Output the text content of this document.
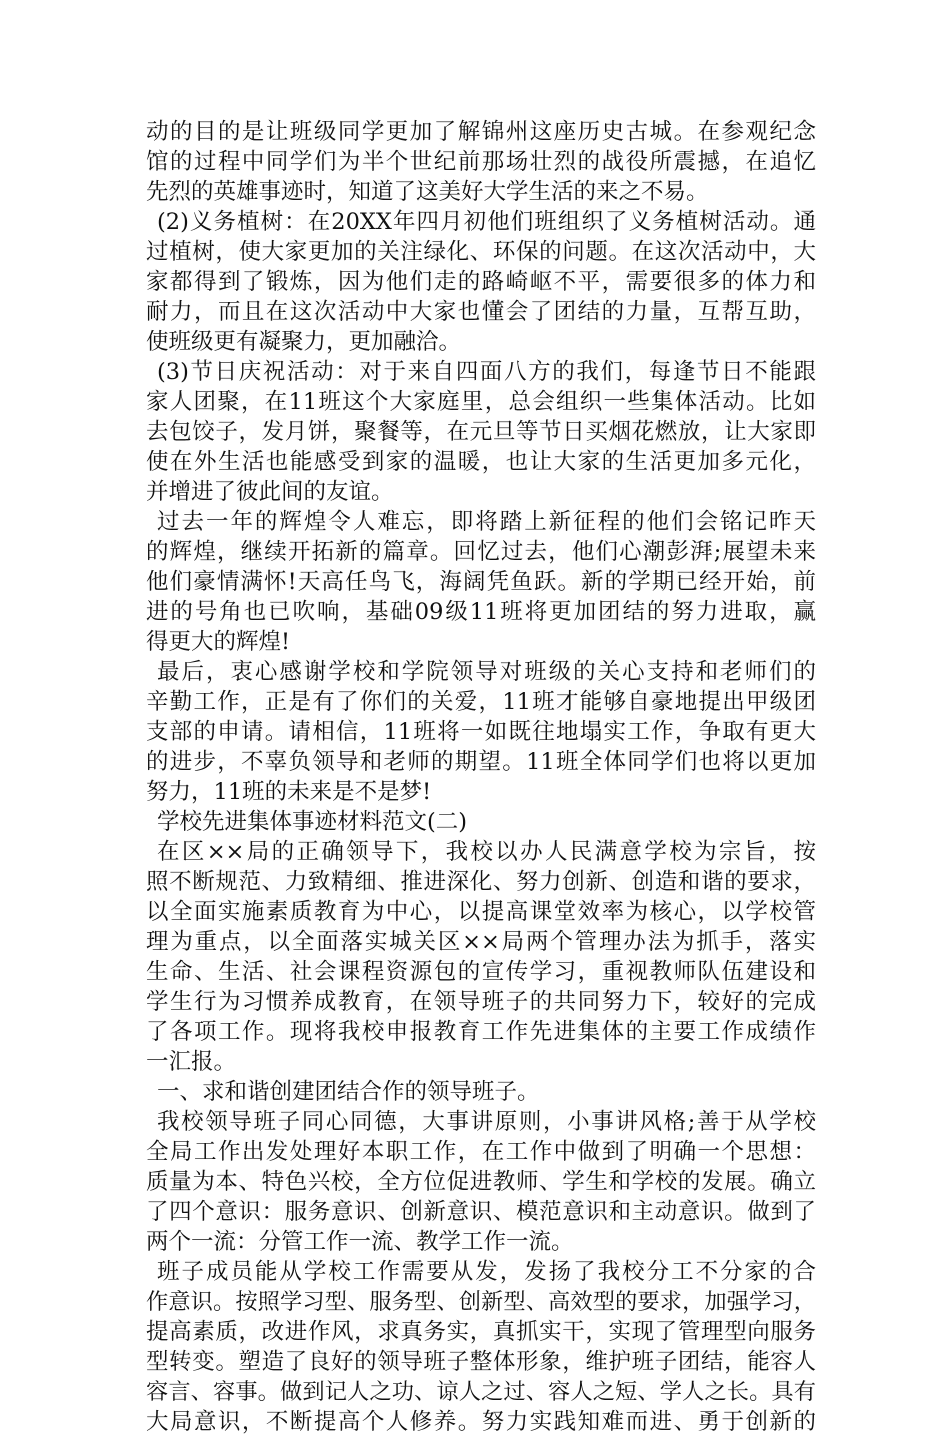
动的目的是让班级同学更加了解锦州这座历史古城。在参观纪念
馆的过程中同学们为半个世纪前那场壮烈的战役所震撼，在追忆
先烈的英雄事迹时，知道了这美好大学生活的来之不易。
(2)义务植树：在20XX年四月初他们班组织了义务植树活动。通
过植树，使大家更加的关注绿化、环保的问题。在这次活动中，大
家都得到了锻炼，因为他们走的路崎岖不平，需要很多的体力和
耐力，而且在这次活动中大家也懂会了团结的力量，互帮互助，
使班级更有凝聚力，更加融洽。
(3)节日庆祝活动：对于来自四面八方的我们，每逢节日不能跟
家人团聚，在11班这个大家庭里，总会组织一些集体活动。比如
去包饺子，发月饼，聚餐等，在元旦等节日买烟花燃放，让大家即
使在外生活也能感受到家的温暖，也让大家的生活更加多元化，
并增进了彼此间的友谊。
过去一年的辉煌令人难忘，即将踏上新征程的他们会铭记昨天
的辉煌，继续开拓新的篇章。回忆过去，他们心潮彭湃;展望未来
他们豪情满怀!天高任鸟飞，海阔凭鱼跃。新的学期已经开始，前
进的号角也已吹响，基础09级11班将更加团结的努力进取，赢
得更大的辉煌!
最后，衷心感谢学校和学院领导对班级的关心支持和老师们的
辛勤工作，正是有了你们的关爱，11班才能够自豪地提出甲级团
支部的申请。请相信，11班将一如既往地塌实工作，争取有更大
的进步，不辜负领导和老师的期望。11班全体同学们也将以更加
努力，11班的未来是不是梦!
学校先进集体事迹材料范文(二)
在区××局的正确领导下，我校以办人民满意学校为宗旨，按
照不断规范、力致精细、推进深化、努力创新、创造和谐的要求，
以全面实施素质教育为中心，以提高课堂效率为核心，以学校管
理为重点，以全面落实城关区××局两个管理办法为抓手，落实
生命、生活、社会课程资源包的宣传学习，重视教师队伍建设和
学生行为习惯养成教育，在领导班子的共同努力下，较好的完成
了各项工作。现将我校申报教育工作先进集体的主要工作成绩作
一汇报。
一、求和谐创建团结合作的领导班子。
我校领导班子同心同德，大事讲原则，小事讲风格;善于从学校
全局工作出发处理好本职工作，在工作中做到了明确一个思想：
质量为本、特色兴校，全方位促进教师、学生和学校的发展。确立
了四个意识：服务意识、创新意识、模范意识和主动意识。做到了
两个一流：分管工作一流、教学工作一流。
班子成员能从学校工作需要从发，发扬了我校分工不分家的合
作意识。按照学习型、服务型、创新型、高效型的要求，加强学习，
提高素质，改进作风，求真务实，真抓实干，实现了管理型向服务
型转变。塑造了良好的领导班子整体形象，维护班子团结，能容人
容言、容事。做到记人之功、谅人之过、容人之短、学人之长。具有
大局意识，不断提高个人修养。努力实践知难而进、勇于创新的
